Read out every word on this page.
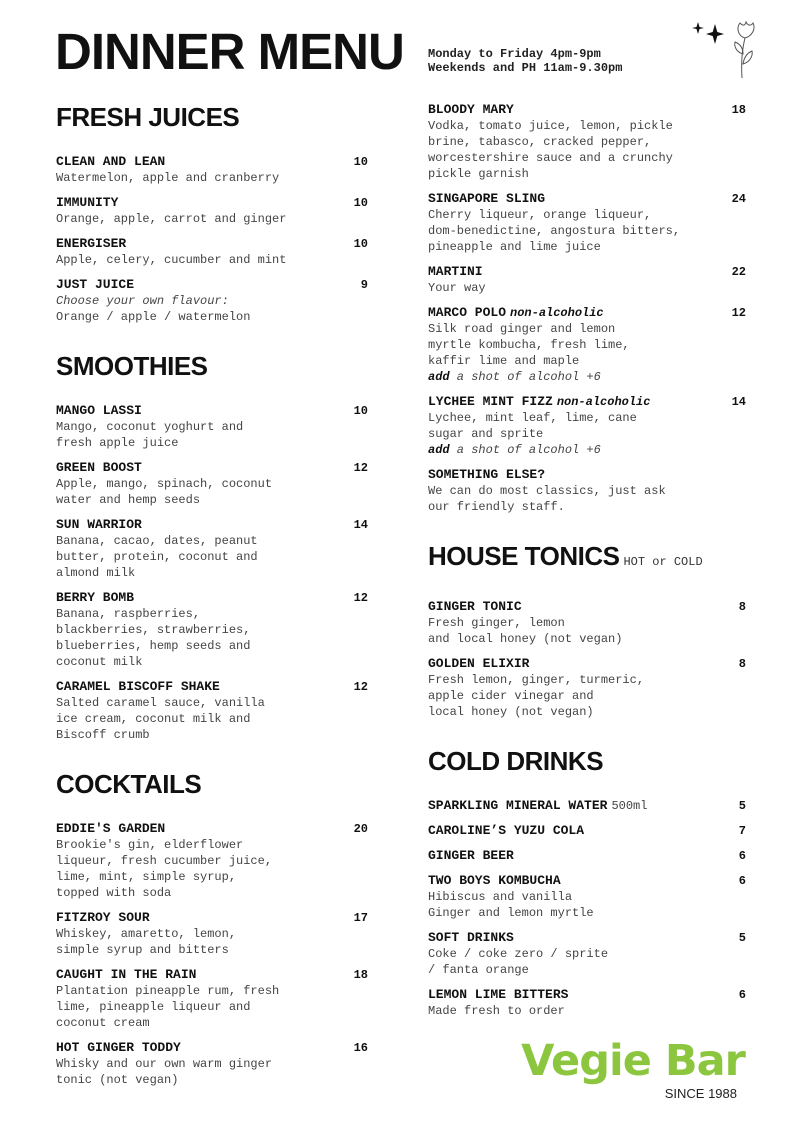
DINNER MENU Monday to Friday 4pm-9pm
Weekends and PH 11am-9.30pm
FRESH JUICES
CLEAN AND LEAN	10
Watermelon, apple and cranberry
IMMUNITY	10
Orange, apple, carrot and ginger
ENERGISER	10
Apple, celery, cucumber and mint
JUST JUICE	9
Choose your own flavour:
Orange / apple / watermelon
SMOOTHIES
MANGO LASSI	10
Mango, coconut yoghurt and
fresh apple juice
GREEN BOOST	12
Apple, mango, spinach, coconut
water and hemp seeds
SUN WARRIOR	14
Banana, cacao, dates, peanut
butter, protein, coconut and
almond milk
BERRY BOMB	12
Banana, raspberries,
blackberries, strawberries,
blueberries, hemp seeds and
coconut milk
CARAMEL BISCOFF SHAKE	12
Salted caramel sauce, vanilla
ice cream, coconut milk and
Biscoff crumb
COCKTAILS
EDDIE'S GARDEN	20
Brookie's gin, elderflower
liqueur, fresh cucumber juice,
lime, mint, simple syrup,
topped with soda
FITZROY SOUR	17
Whiskey, amaretto, lemon,
simple syrup and bitters
CAUGHT IN THE RAIN	18
Plantation pineapple rum, fresh
lime, pineapple liqueur and
coconut cream
HOT GINGER TODDY	16
Whisky and our own warm ginger
tonic (not vegan)
BLOODY MARY	18
Vodka, tomato juice, lemon, pickle
brine, tabasco, cracked pepper,
worcestershire sauce and a crunchy
pickle garnish
SINGAPORE SLING	24
Cherry liqueur, orange liqueur,
dom-benedictine, angostura bitters,
pineapple and lime juice
MARTINI	22
Your way
MARCO POLO non-alcoholic	12
Silk road ginger and lemon
myrtle kombucha, fresh lime,
kaffir lime and maple
add a shot of alcohol +6
LYCHEE MINT FIZZ non-alcoholic	14
Lychee, mint leaf, lime, cane
sugar and sprite
add a shot of alcohol +6
SOMETHING ELSE?
We can do most classics, just ask
our friendly staff.
HOUSE TONICS HOT or COLD
GINGER TONIC	8
Fresh ginger, lemon
and local honey (not vegan)
GOLDEN ELIXIR	8
Fresh lemon, ginger, turmeric,
apple cider vinegar and
local honey (not vegan)
COLD DRINKS
SPARKLING MINERAL WATER 500ml	5
CAROLINE’S YUZU COLA	7
GINGER BEER	6
TWO BOYS KOMBUCHA	6
Hibiscus and vanilla
Ginger and lemon myrtle
SOFT DRINKS	5
Coke / coke zero / sprite
/ fanta orange
LEMON LIME BITTERS	6
Made fresh to order
Vegie Bar
SINCE 1988
